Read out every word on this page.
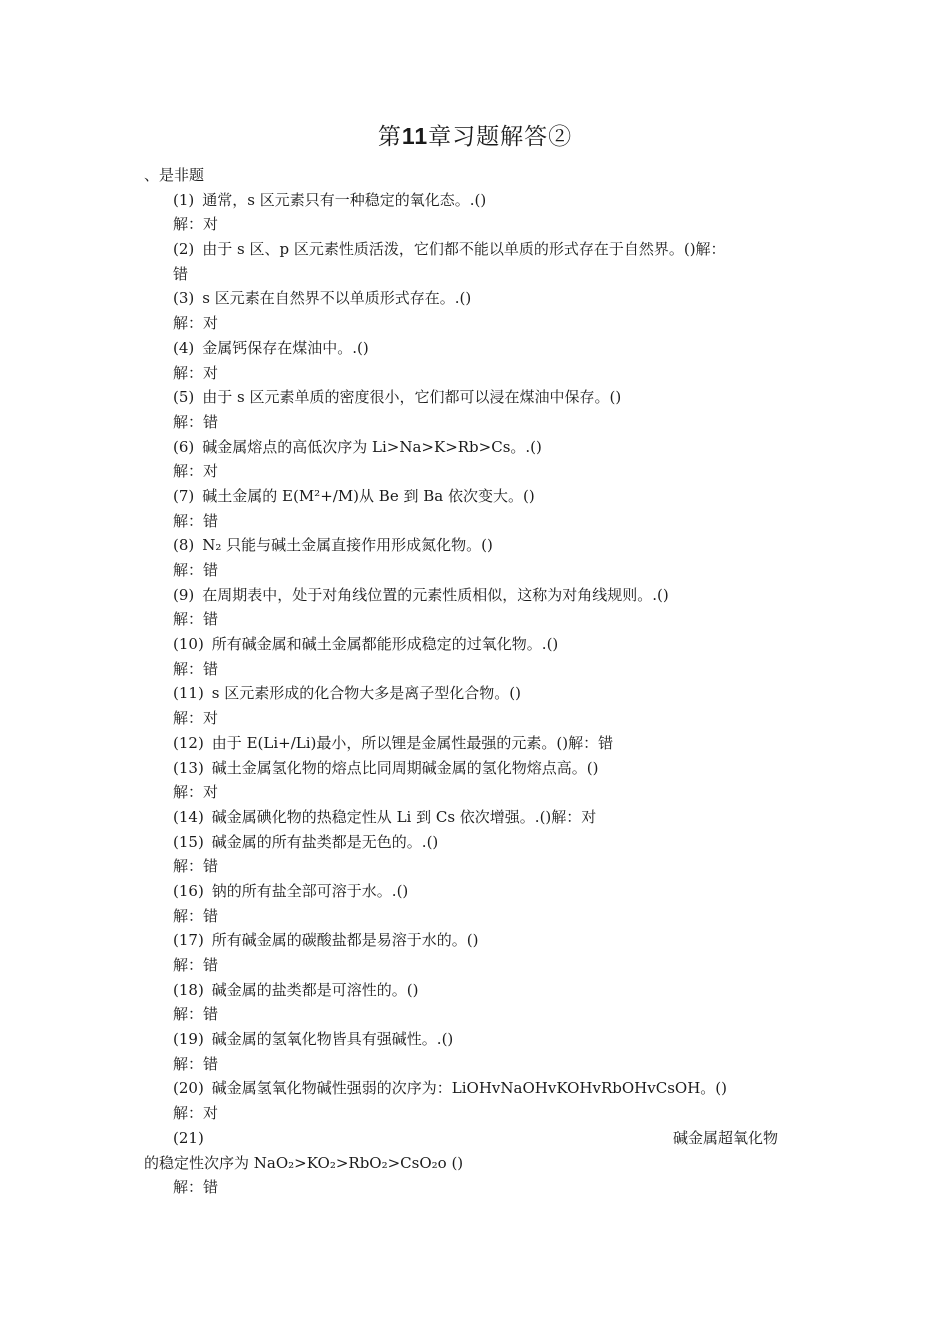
第11章习题解答②
、是非题
(1) 通常，s 区元素只有一种稳定的氧化态。.()
解：对
(2) 由于 s 区、p 区元素性质活泼，它们都不能以单质的形式存在于自然界。()解：
错
(3) s 区元素在自然界不以单质形式存在。.()
解：对
(4) 金属钙保存在煤油中。.()
解：对
(5) 由于 s 区元素单质的密度很小，它们都可以浸在煤油中保存。()
解：错
(6) 碱金属熔点的高低次序为 Li>Na>K>Rb>Cs。.()
解：对
(7) 碱土金属的 E(M²+/M)从 Be 到 Ba 依次变大。()
解：错
(8) N₂ 只能与碱土金属直接作用形成氮化物。()
解：错
(9) 在周期表中，处于对角线位置的元素性质相似，这称为对角线规则。.()
解：错
(10) 所有碱金属和碱土金属都能形成稳定的过氧化物。.()
解：错
(11) s 区元素形成的化合物大多是离子型化合物。()
解：对
(12) 由于 E(Li+/Li)最小，所以锂是金属性最强的元素。()解：错
(13) 碱土金属氢化物的熔点比同周期碱金属的氢化物熔点高。()
解：对
(14) 碱金属碘化物的热稳定性从 Li 到 Cs 依次增强。.()解：对
(15) 碱金属的所有盐类都是无色的。.()
解：错
(16) 钠的所有盐全部可溶于水。.()
解：错
(17) 所有碱金属的碳酸盐都是易溶于水的。()
解：错
(18) 碱金属的盐类都是可溶性的。()
解：错
(19) 碱金属的氢氧化物皆具有强碱性。.()
解：错
(20) 碱金属氢氧化物碱性强弱的次序为：LiOHvNaOHvKOHvRbOHvCsOH。()
解：对
(21)	碱金属超氧化物
的稳定性次序为 NaO₂>KO₂>RbO₂>CsO₂o ()
解：错
